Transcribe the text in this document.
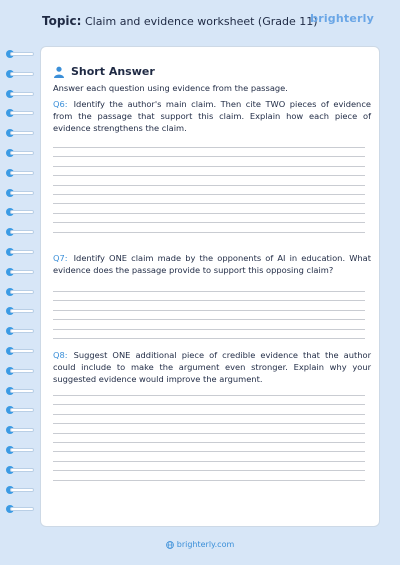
Topic: Claim and evidence worksheet (Grade 11)
brighterly
Short Answer
Answer each question using evidence from the passage.
Q6: Identify the author's main claim. Then cite TWO pieces of evidence from the passage that support this claim. Explain how each piece of evidence strengthens the claim.
Q7: Identify ONE claim made by the opponents of AI in education. What evidence does the passage provide to support this opposing claim?
Q8: Suggest ONE additional piece of credible evidence that the author could include to make the argument even stronger. Explain why your suggested evidence would improve the argument.
brighterly.com
